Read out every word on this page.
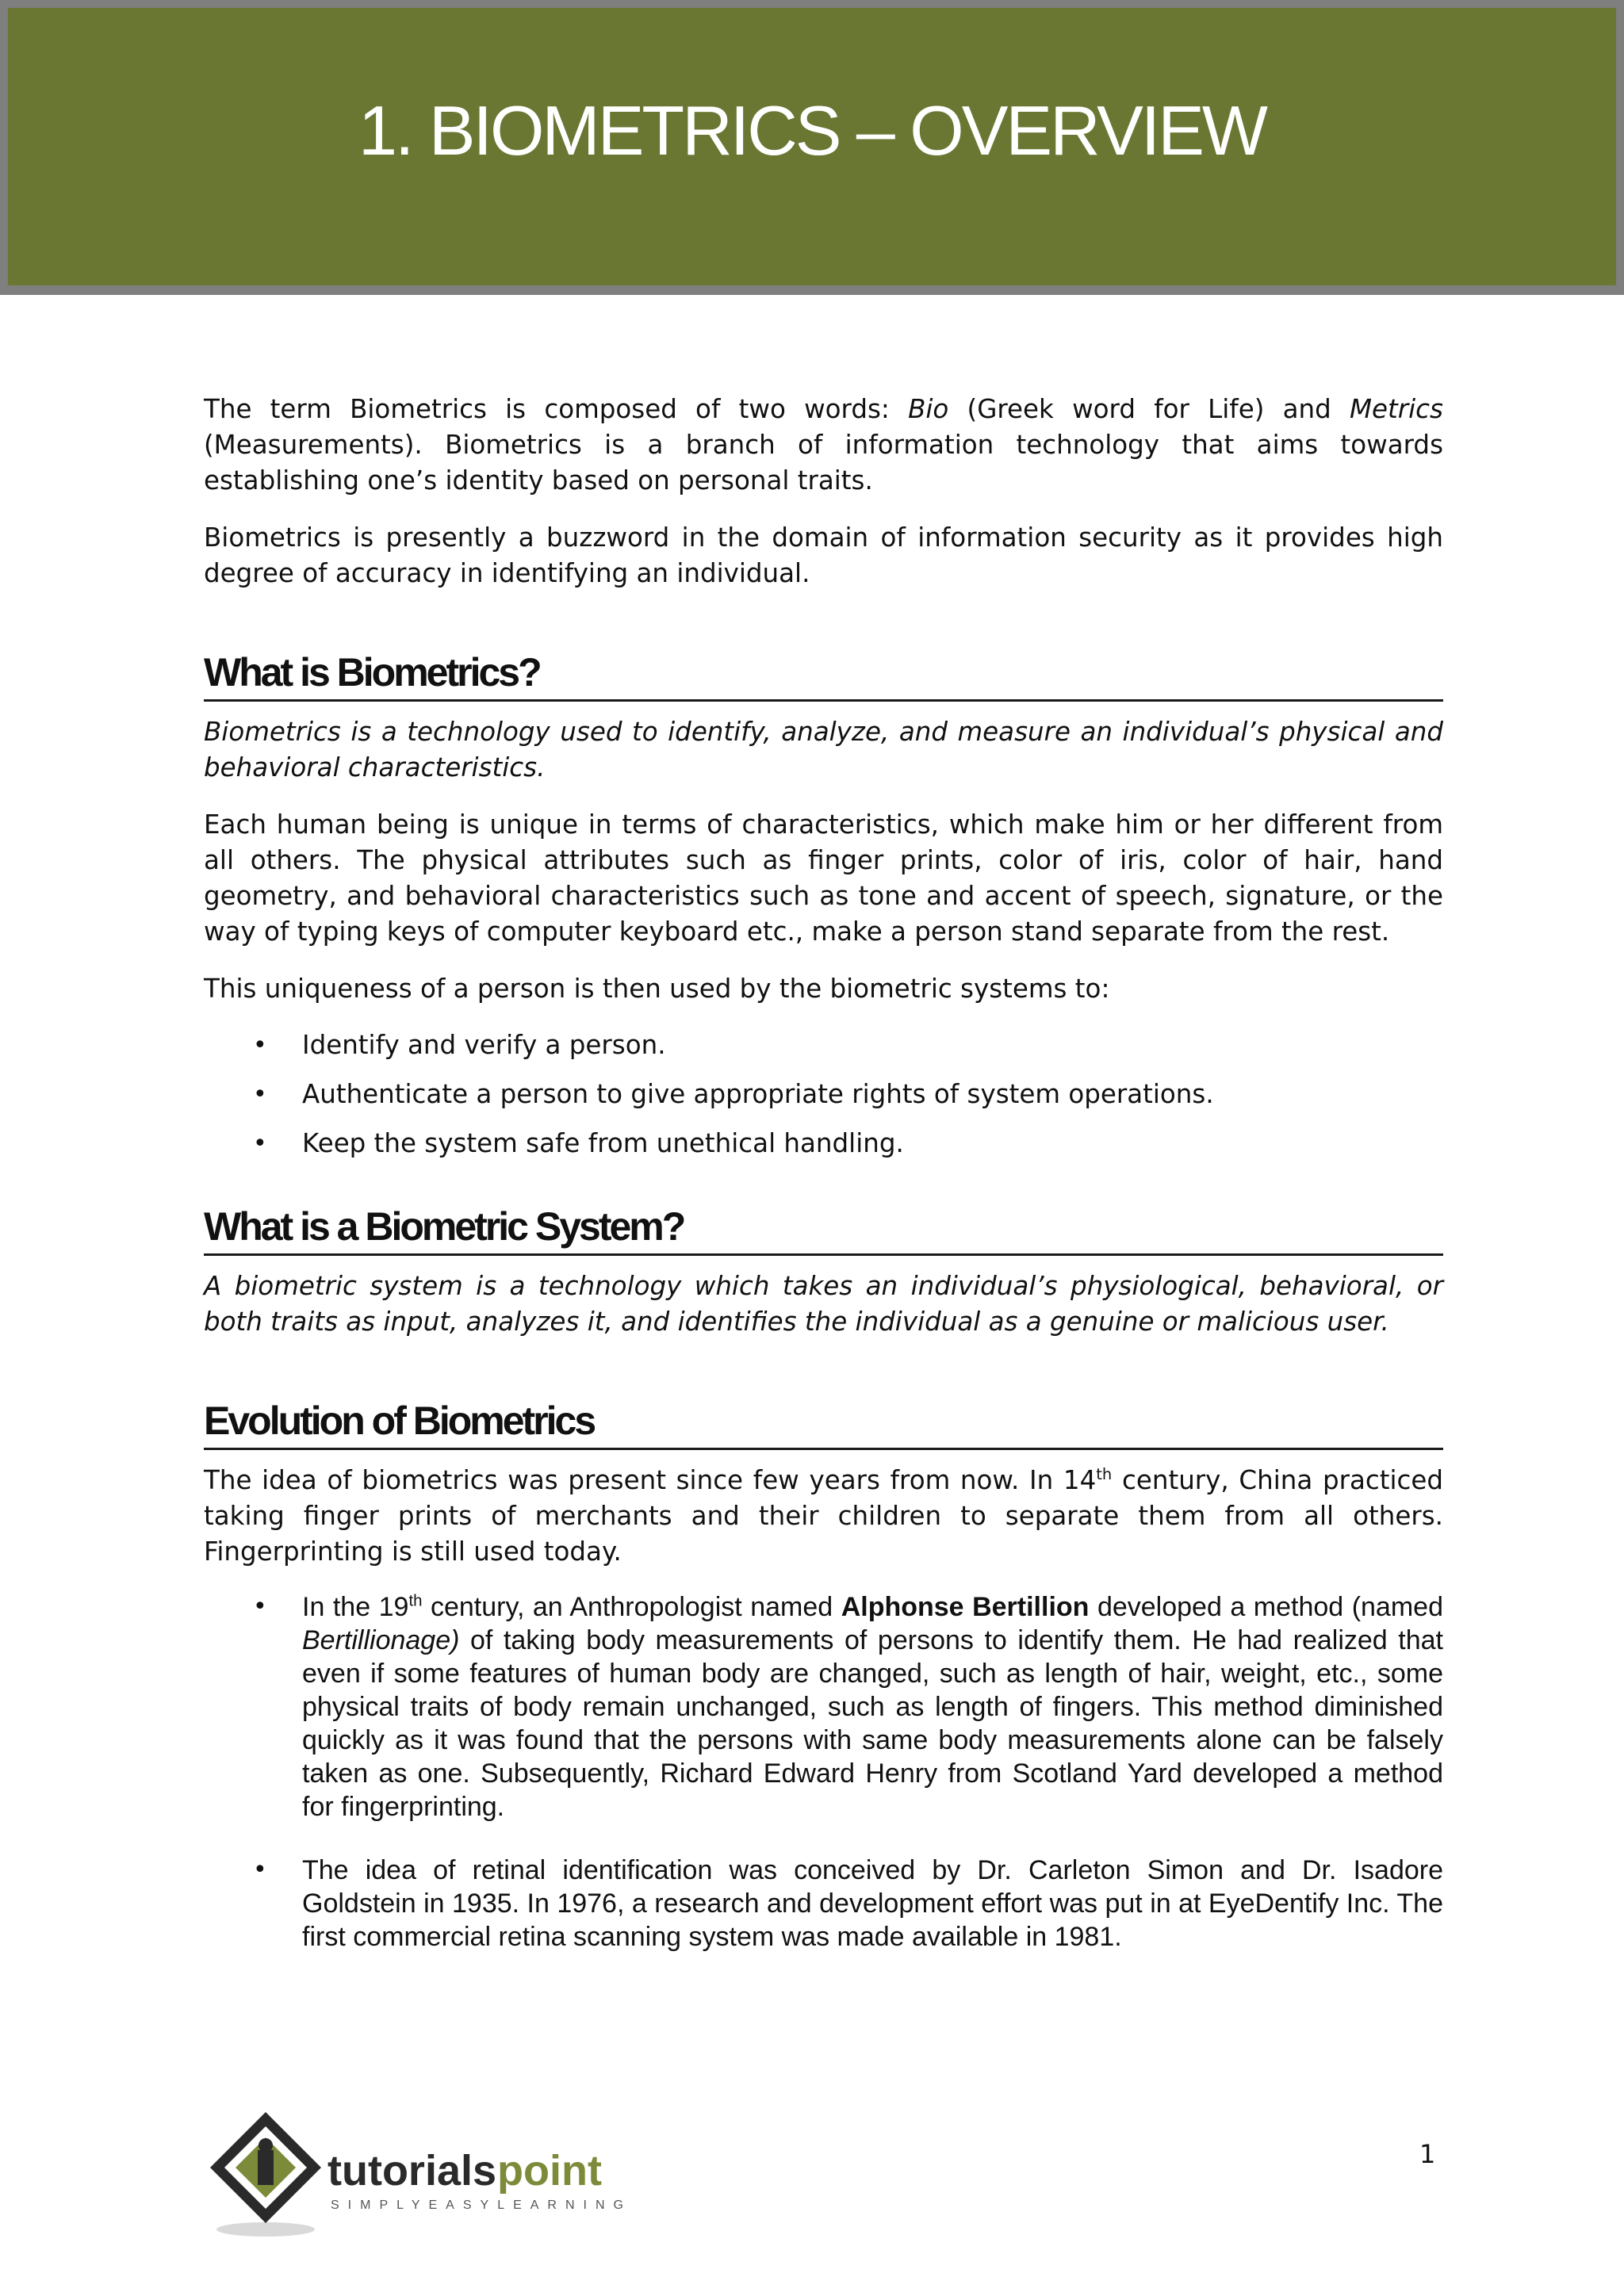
1. BIOMETRICS – OVERVIEW

The term Biometrics is composed of two words: Bio (Greek word for Life) and Metrics (Measurements). Biometrics is a branch of information technology that aims towards establishing one’s identity based on personal traits.

Biometrics is presently a buzzword in the domain of information security as it provides high degree of accuracy in identifying an individual.

What is Biometrics?

Biometrics is a technology used to identify, analyze, and measure an individual’s physical and behavioral characteristics.

Each human being is unique in terms of characteristics, which make him or her different from all others. The physical attributes such as finger prints, color of iris, color of hair, hand geometry, and behavioral characteristics such as tone and accent of speech, signature, or the way of typing keys of computer keyboard etc., make a person stand separate from the rest.

This uniqueness of a person is then used by the biometric systems to:

• Identify and verify a person.
• Authenticate a person to give appropriate rights of system operations.
• Keep the system safe from unethical handling.
What is a Biometric System?

A biometric system is a technology which takes an individual’s physiological, behavioral, or both traits as input, analyzes it, and identifies the individual as a genuine or malicious user.

Evolution of Biometrics

The idea of biometrics was present since few years from now. In 14th century, China practiced taking finger prints of merchants and their children to separate them from all others. Fingerprinting is still used today.

• In the 19th century, an Anthropologist named Alphonse Bertillion developed a method (named Bertillionage) of taking body measurements of persons to identify them. He had realized that even if some features of human body are changed, such as length of hair, weight, etc., some physical traits of body remain unchanged, such as length of fingers. This method diminished quickly as it was found that the persons with same body measurements alone can be falsely taken as one. Subsequently, Richard Edward Henry from Scotland Yard developed a method for fingerprinting.
• The idea of retinal identification was conceived by Dr. Carleton Simon and Dr. Isadore Goldstein in 1935. In 1976, a research and development effort was put in at EyeDentify Inc. The first commercial retina scanning system was made available in 1981.
tutorials point
SIMPLYEASYLEARNING
1
